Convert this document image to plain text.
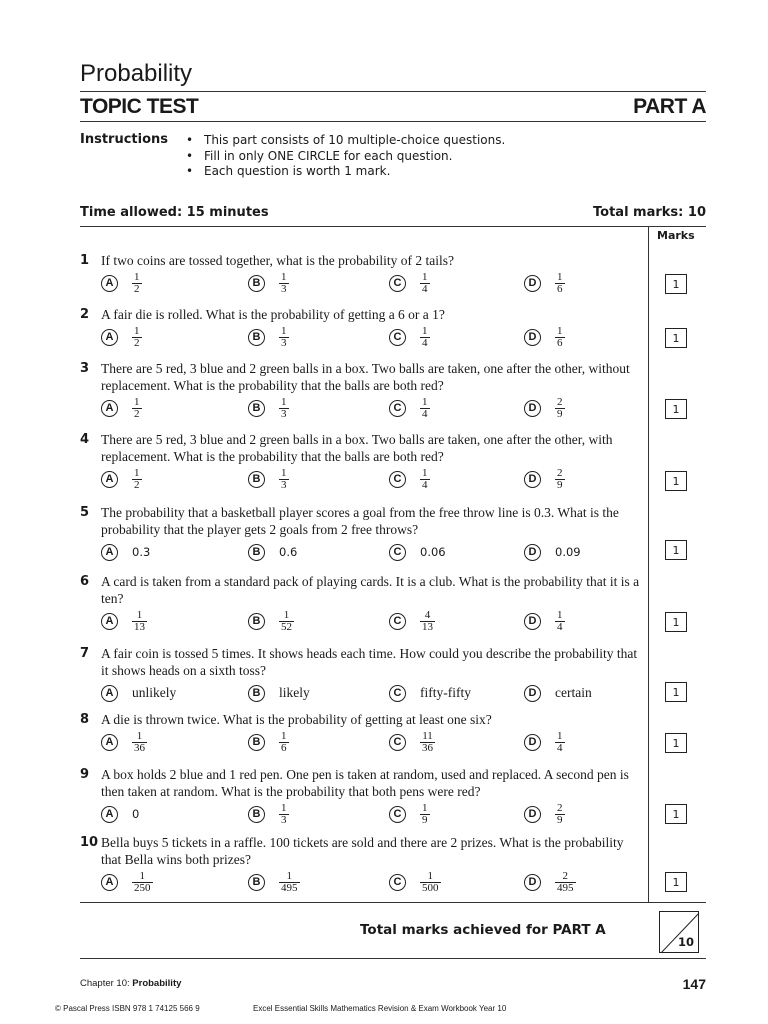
Probability
TOPIC TEST	PART A
Instructions
•	This part consists of 10 multiple-choice questions.
• Fill in only ONE CIRCLE for each question.
• Each question is worth 1 mark.
Time allowed: 15 minutes	Total marks: 10
Marks
1 If two coins are tossed together, what is the probability of 2 tails?
A	$\frac{1}{2}$	B	$\frac{1}{3}$	C	$\frac{1}{4}$	D	$\frac{1}{6}$	1
2 A fair die is rolled. What is the probability of getting a 6 or a 1?
A	$\frac{1}{2}$	B	$\frac{1}{3}$	C	$\frac{1}{4}$	D	$\frac{1}{6}$	1
3 There are 5 red, 3 blue and 2 green balls in a box. Two balls are taken, one after the other, without replacement. What is the probability that the balls are both red?
A	$\frac{1}{2}$	B	$\frac{1}{3}$	C	$\frac{1}{4}$	D	$\frac{2}{9}$	1
4 There are 5 red, 3 blue and 2 green balls in a box. Two balls are taken, one after the other, with replacement. What is the probability that the balls are both red?
A	$\frac{1}{2}$	B	$\frac{1}{3}$	C	$\frac{1}{4}$	D	$\frac{2}{9}$	1
5 The probability that a basketball player scores a goal from the free throw line is 0.3. What is the probability that the player gets 2 goals from 2 free throws?
A	0.3	B	0.6	C	0.06	D	0.09	1
6 A card is taken from a standard pack of playing cards. It is a club. What is the probability that it is a ten?
A	$\frac{1}{13}$	B	$\frac{1}{52}$	C	$\frac{4}{13}$	D	$\frac{1}{4}$	1
7 A fair coin is tossed 5 times. It shows heads each time. How could you describe the probability that it shows heads on a sixth toss?
A	unlikely	B	likely	C	fifty-fifty	D	certain	1
8 A die is thrown twice. What is the probability of getting at least one six?
A	$\frac{1}{36}$	B	$\frac{1}{6}$	C	$\frac{11}{36}$	D	$\frac{1}{4}$	1
9 A box holds 2 blue and 1 red pen. One pen is taken at random, used and replaced. A second pen is then taken at random. What is the probability that both pens were red?
A	0	B	$\frac{1}{3}$	C	$\frac{1}{9}$	D	$\frac{2}{9}$	1
10 Bella buys 5 tickets in a raffle. 100 tickets are sold and there are 2 prizes. What is the probability that Bella wins both prizes?
A	$\frac{1}{250}$	B	$\frac{1}{495}$	C	$\frac{1}{500}$	D	$\frac{2}{495}$	1
Total marks achieved for PART A
10
Chapter 10: Probability	147
© Pascal Press ISBN 978 1 74125 566 9	Excel Essential Skills Mathematics Revision & Exam Workbook Year 10
